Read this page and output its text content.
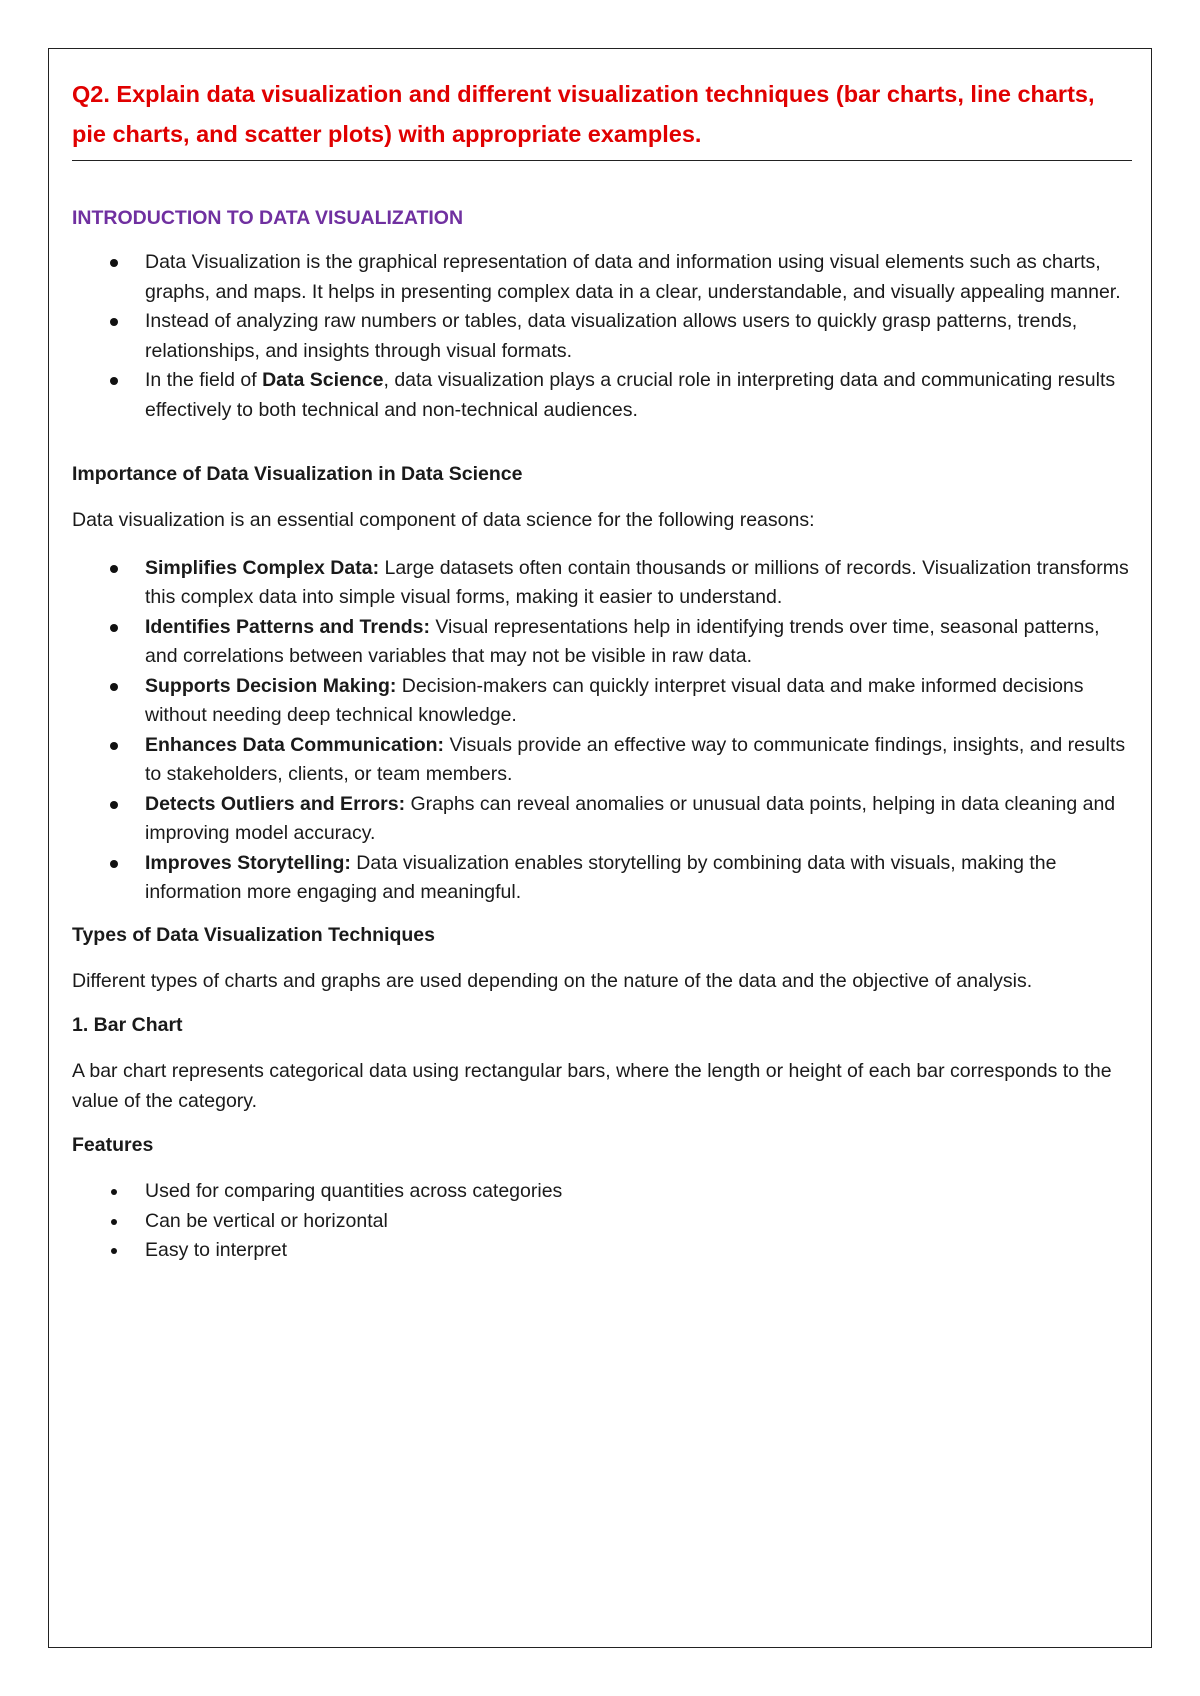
Q2. Explain data visualization and different visualization techniques (bar charts, line charts, pie charts, and scatter plots) with appropriate examples.
INTRODUCTION TO DATA VISUALIZATION
Data Visualization is the graphical representation of data and information using visual elements such as charts, graphs, and maps. It helps in presenting complex data in a clear, understandable, and visually appealing manner.
Instead of analyzing raw numbers or tables, data visualization allows users to quickly grasp patterns, trends, relationships, and insights through visual formats.
In the field of Data Science, data visualization plays a crucial role in interpreting data and communicating results effectively to both technical and non-technical audiences.
Importance of Data Visualization in Data Science

Data visualization is an essential component of data science for the following reasons:

Simplifies Complex Data: Large datasets often contain thousands or millions of records. Visualization transforms this complex data into simple visual forms, making it easier to understand.
Identifies Patterns and Trends: Visual representations help in identifying trends over time, seasonal patterns, and correlations between variables that may not be visible in raw data.
Supports Decision Making: Decision-makers can quickly interpret visual data and make informed decisions without needing deep technical knowledge.
Enhances Data Communication: Visuals provide an effective way to communicate findings, insights, and results to stakeholders, clients, or team members.
Detects Outliers and Errors: Graphs can reveal anomalies or unusual data points, helping in data cleaning and improving model accuracy.
Improves Storytelling: Data visualization enables storytelling by combining data with visuals, making the information more engaging and meaningful.
Types of Data Visualization Techniques

Different types of charts and graphs are used depending on the nature of the data and the objective of analysis.

1. Bar Chart

A bar chart represents categorical data using rectangular bars, where the length or height of each bar corresponds to the value of the category.

Features
Used for comparing quantities across categories
Can be vertical or horizontal
Easy to interpret
